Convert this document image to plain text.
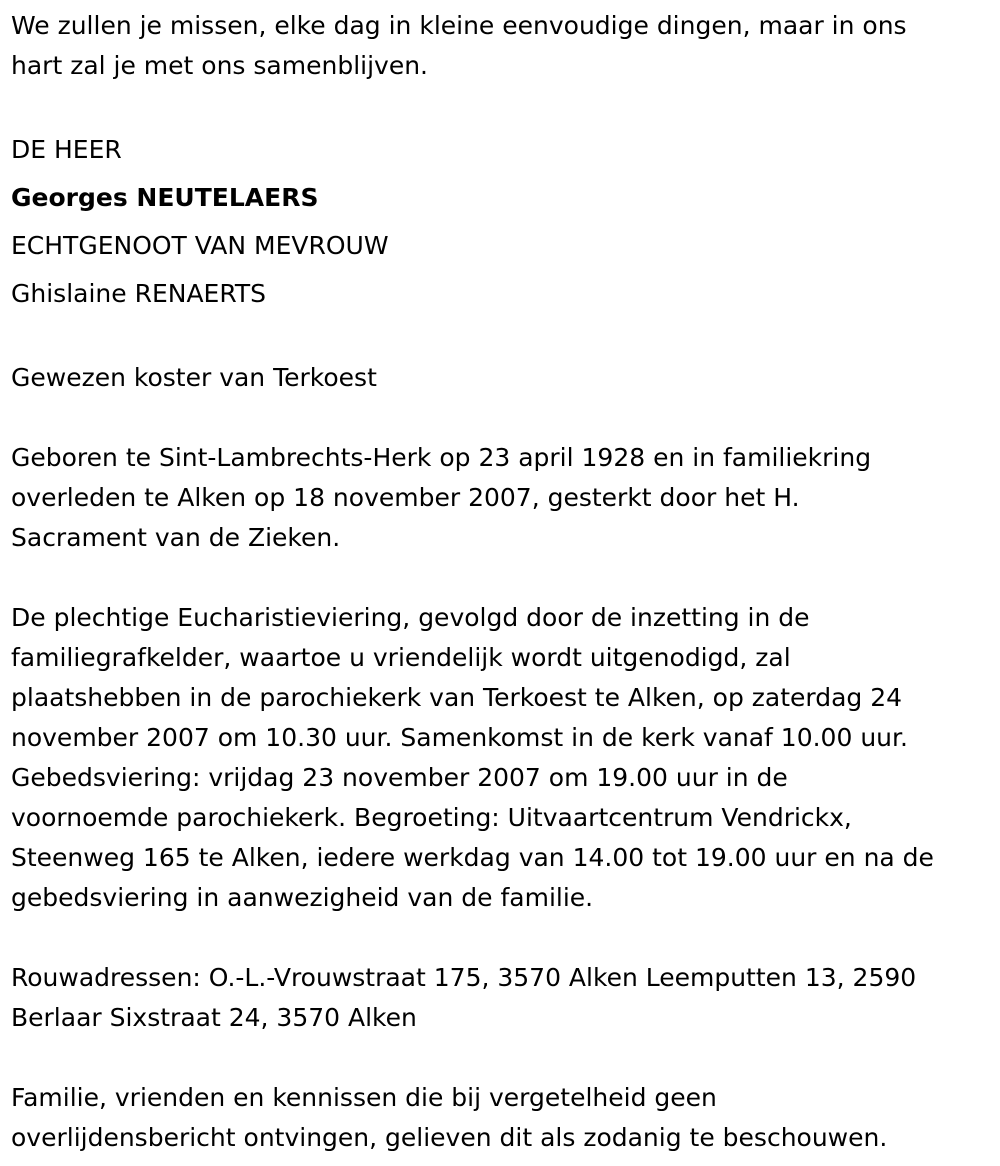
We zullen je missen, elke dag in kleine eenvoudige dingen, maar in ons
hart zal je met ons samenblijven.
DE HEER
Georges NEUTELAERS
ECHTGENOOT VAN MEVROUW
Ghislaine RENAERTS
Gewezen koster van Terkoest
Geboren te Sint-Lambrechts-Herk op 23 april 1928 en in familiekring
overleden te Alken op 18 november 2007, gesterkt door het H.
Sacrament van de Zieken.
De plechtige Eucharistieviering, gevolgd door de inzetting in de
familiegrafkelder, waartoe u vriendelijk wordt uitgenodigd, zal
plaatshebben in de parochiekerk van Terkoest te Alken, op zaterdag 24
november 2007 om 10.30 uur. Samenkomst in de kerk vanaf 10.00 uur.
Gebedsviering: vrijdag 23 november 2007 om 19.00 uur in de
voornoemde parochiekerk. Begroeting: Uitvaartcentrum Vendrickx,
Steenweg 165 te Alken, iedere werkdag van 14.00 tot 19.00 uur en na de
gebedsviering in aanwezigheid van de familie.
Rouwadressen: O.-L.-Vrouwstraat 175, 3570 Alken Leemputten 13, 2590
Berlaar Sixstraat 24, 3570 Alken
Familie, vrienden en kennissen die bij vergetelheid geen
overlijdensbericht ontvingen, gelieven dit als zodanig te beschouwen.
